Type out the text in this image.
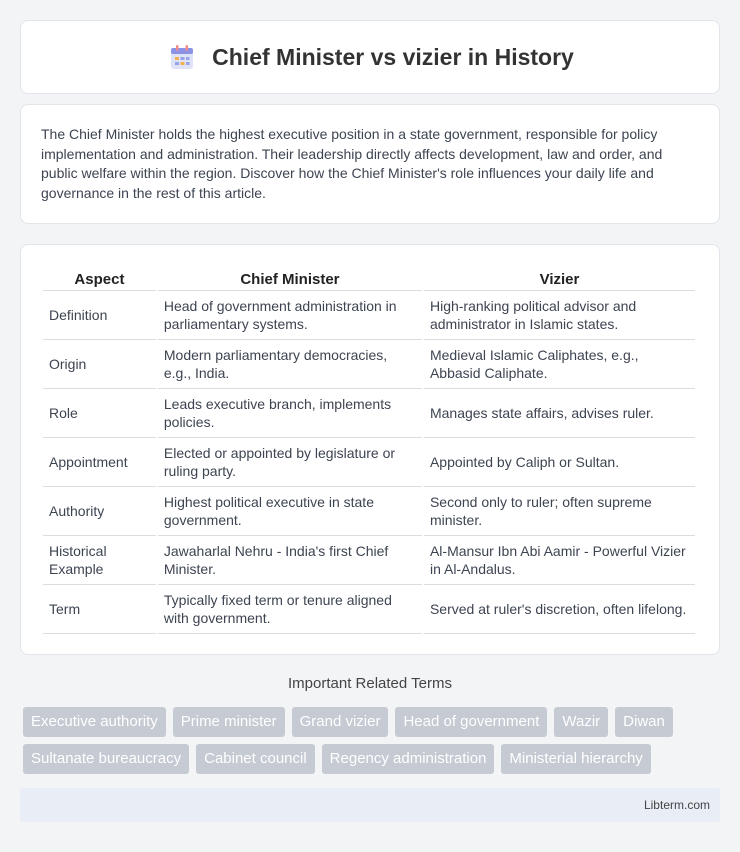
Chief Minister vs vizier in History

The Chief Minister holds the highest executive position in a state government, responsible for policy implementation and administration. Their leadership directly affects development, law and order, and public welfare within the region. Discover how the Chief Minister's role influences your daily life and governance in the rest of this article.

Aspect	Chief Minister	Vizier
Definition	Head of government administration in parliamentary systems.	High-ranking political advisor and administrator in Islamic states.
Origin	Modern parliamentary democracies, e.g., India.	Medieval Islamic Caliphates, e.g., Abbasid Caliphate.
Role	Leads executive branch, implements policies.	Manages state affairs, advises ruler.
Appointment	Elected or appointed by legislature or ruling party.	Appointed by Caliph or Sultan.
Authority	Highest political executive in state government.	Second only to ruler; often supreme minister.
Historical Example	Jawaharlal Nehru - India's first Chief Minister.	Al-Mansur Ibn Abi Aamir - Powerful Vizier in Al-Andalus.
Term	Typically fixed term or tenure aligned with government.	Served at ruler's discretion, often lifelong.
Important Related Terms
Executive authority	Prime minister	Grand vizier	Head of government	Wazir	Diwan
Sultanate bureaucracy	Cabinet council	Regency administration	Ministerial hierarchy
Libterm.com
